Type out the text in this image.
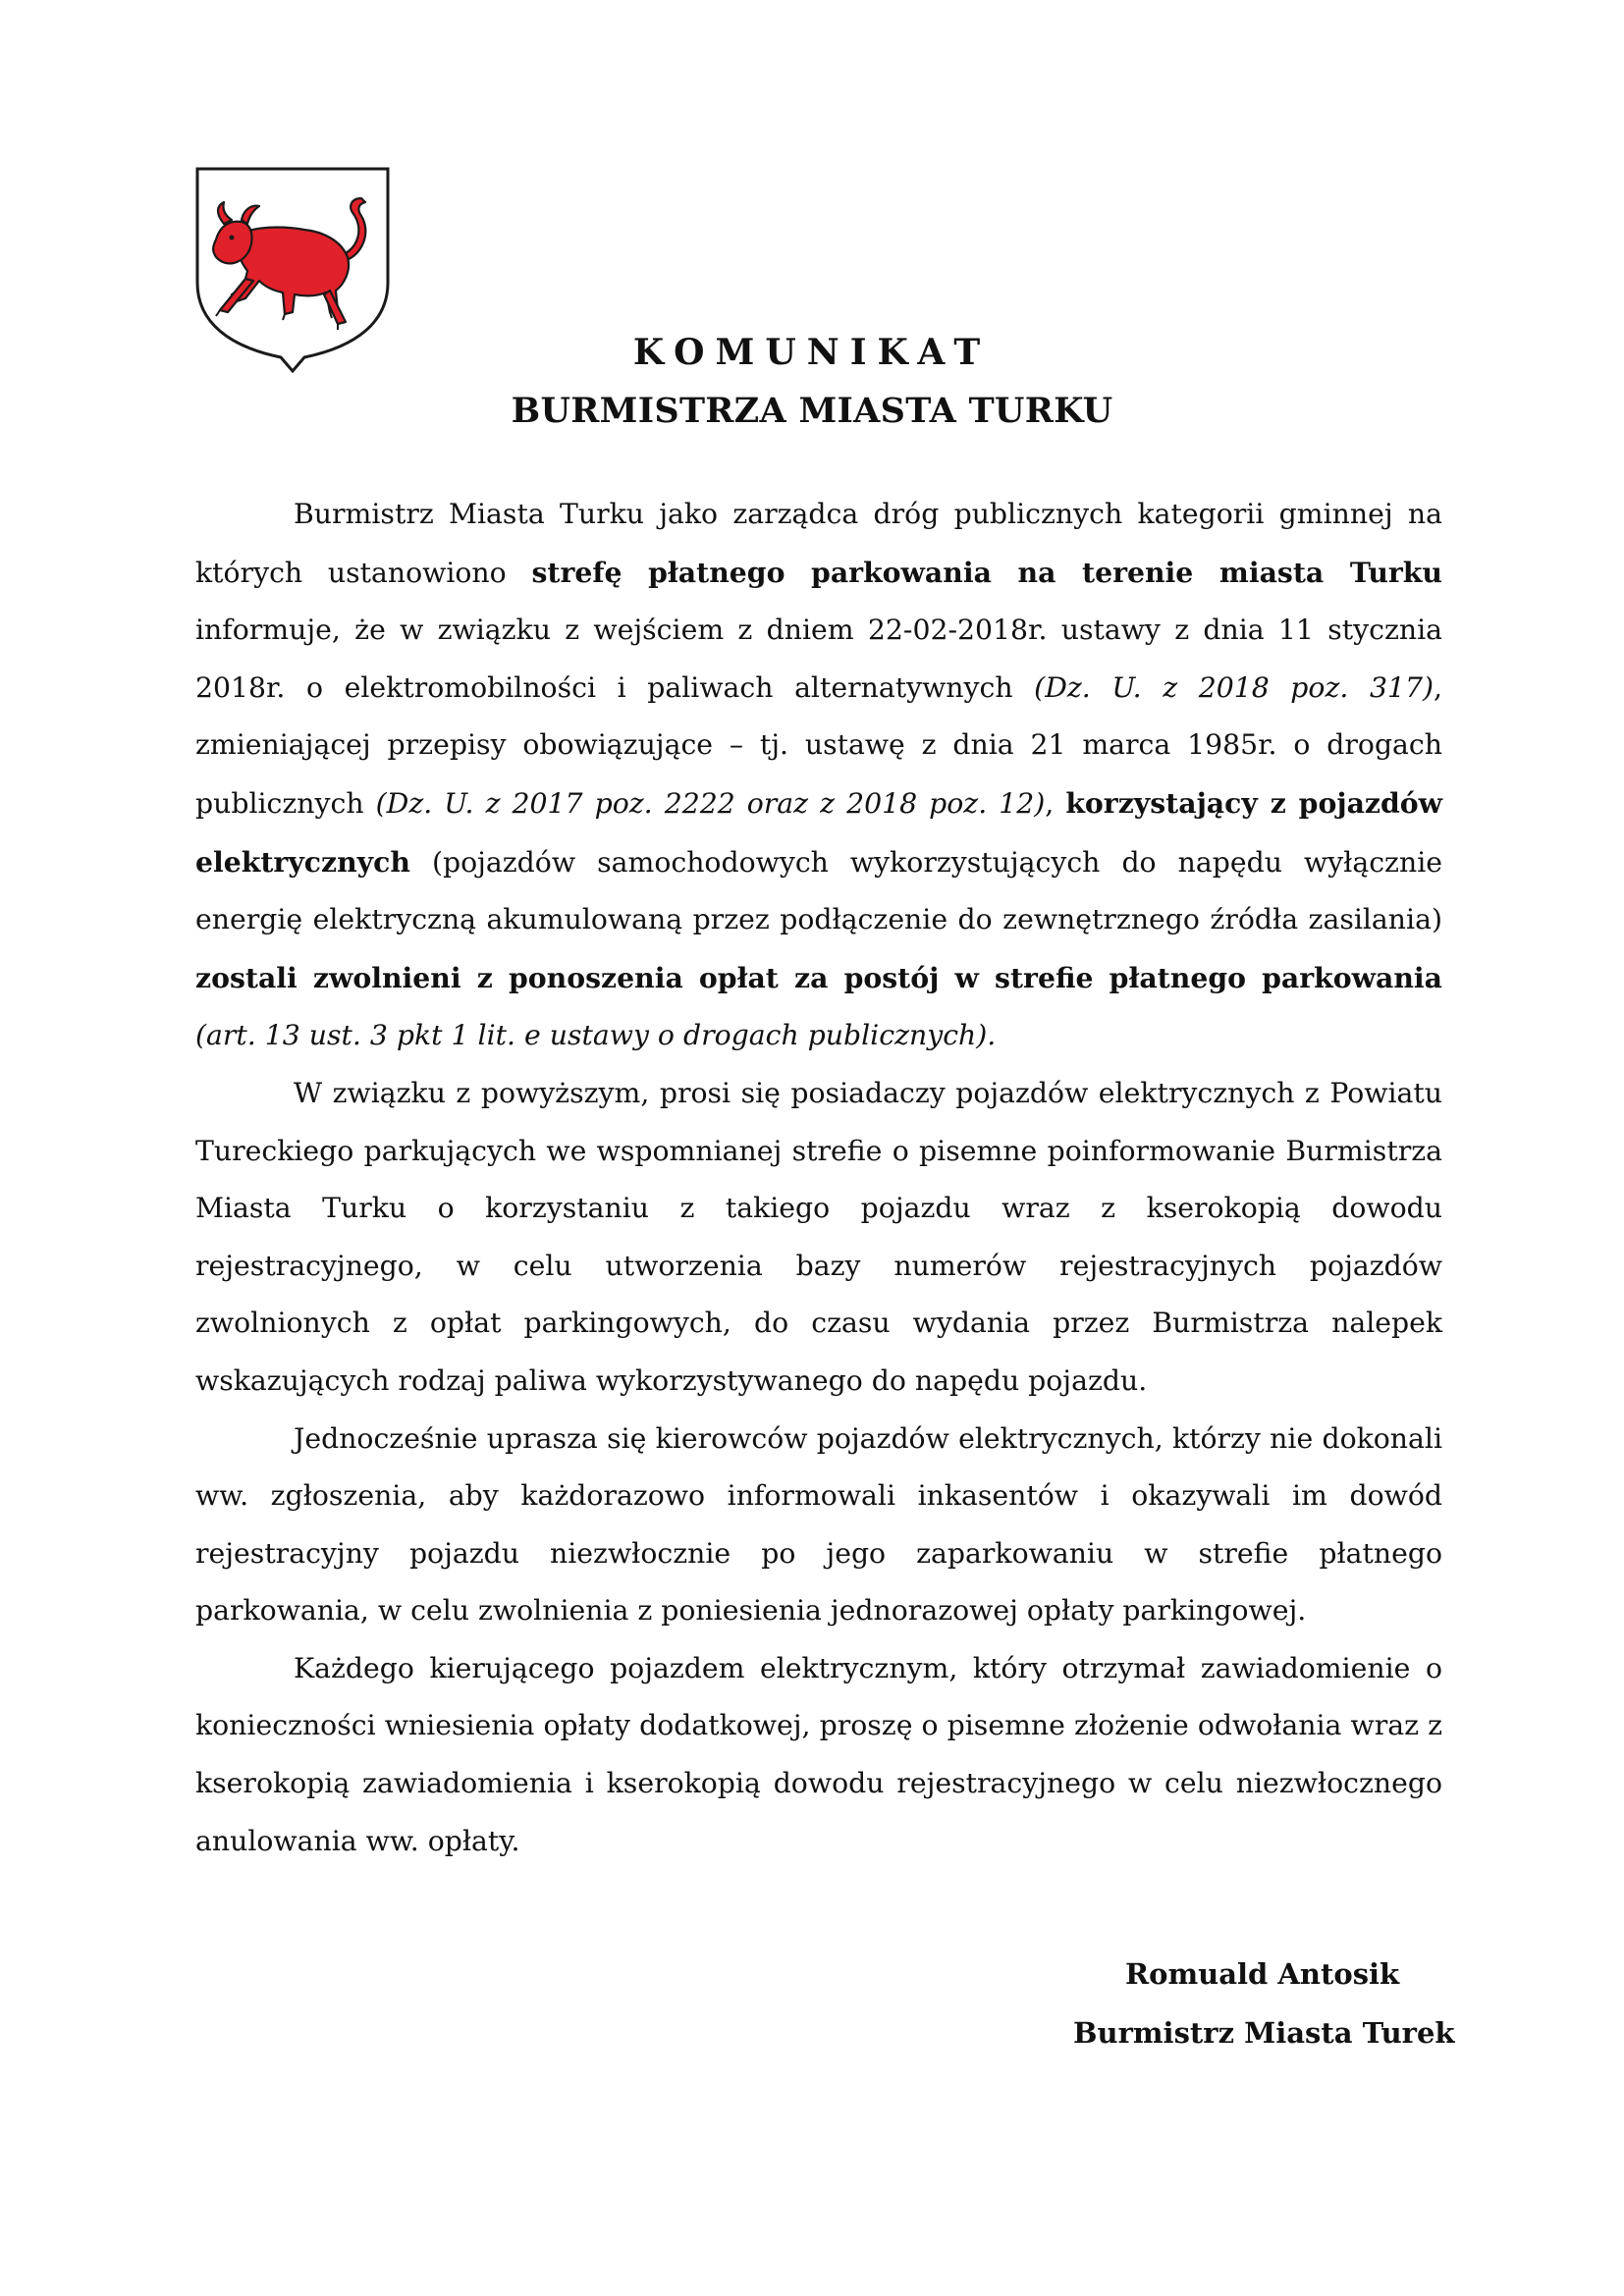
KOMUNIKAT
BURMISTRZA MIASTA TURKU

Burmistrz Miasta Turku jako zarządca dróg publicznych kategorii gminnej na których ustanowiono strefę płatnego parkowania na terenie miasta Turku informuje, że w związku z wejściem z dniem 22-02-2018r. ustawy z dnia 11 stycznia 2018r. o elektromobilności i paliwach alternatywnych (Dz. U. z 2018 poz. 317), zmieniającej przepisy obowiązujące – tj. ustawę z dnia 21 marca 1985r. o drogach publicznych (Dz. U. z 2017 poz. 2222 oraz z 2018 poz. 12), korzystający z pojazdów elektrycznych (pojazdów samochodowych wykorzystujących do napędu wyłącznie energię elektryczną akumulowaną przez podłączenie do zewnętrznego źródła zasilania) zostali zwolnieni z ponoszenia opłat za postój w strefie płatnego parkowania (art. 13 ust. 3 pkt 1 lit. e ustawy o drogach publicznych).

W związku z powyższym, prosi się posiadaczy pojazdów elektrycznych z Powiatu Tureckiego parkujących we wspomnianej strefie o pisemne poinformowanie Burmistrza Miasta Turku o korzystaniu z takiego pojazdu wraz z kserokopią dowodu rejestracyjnego, w celu utworzenia bazy numerów rejestracyjnych pojazdów zwolnionych z opłat parkingowych, do czasu wydania przez Burmistrza nalepek wskazujących rodzaj paliwa wykorzystywanego do napędu pojazdu.

Jednocześnie uprasza się kierowców pojazdów elektrycznych, którzy nie dokonali ww. zgłoszenia, aby każdorazowo informowali inkasentów i okazywali im dowód rejestracyjny pojazdu niezwłocznie po jego zaparkowaniu w strefie płatnego parkowania, w celu zwolnienia z poniesienia jednorazowej opłaty parkingowej.

Każdego kierującego pojazdem elektrycznym, który otrzymał zawiadomienie o konieczności wniesienia opłaty dodatkowej, proszę o pisemne złożenie odwołania wraz z kserokopią zawiadomienia i kserokopią dowodu rejestracyjnego w celu niezwłocznego anulowania ww. opłaty.

Romuald Antosik
Burmistrz Miasta Turek
